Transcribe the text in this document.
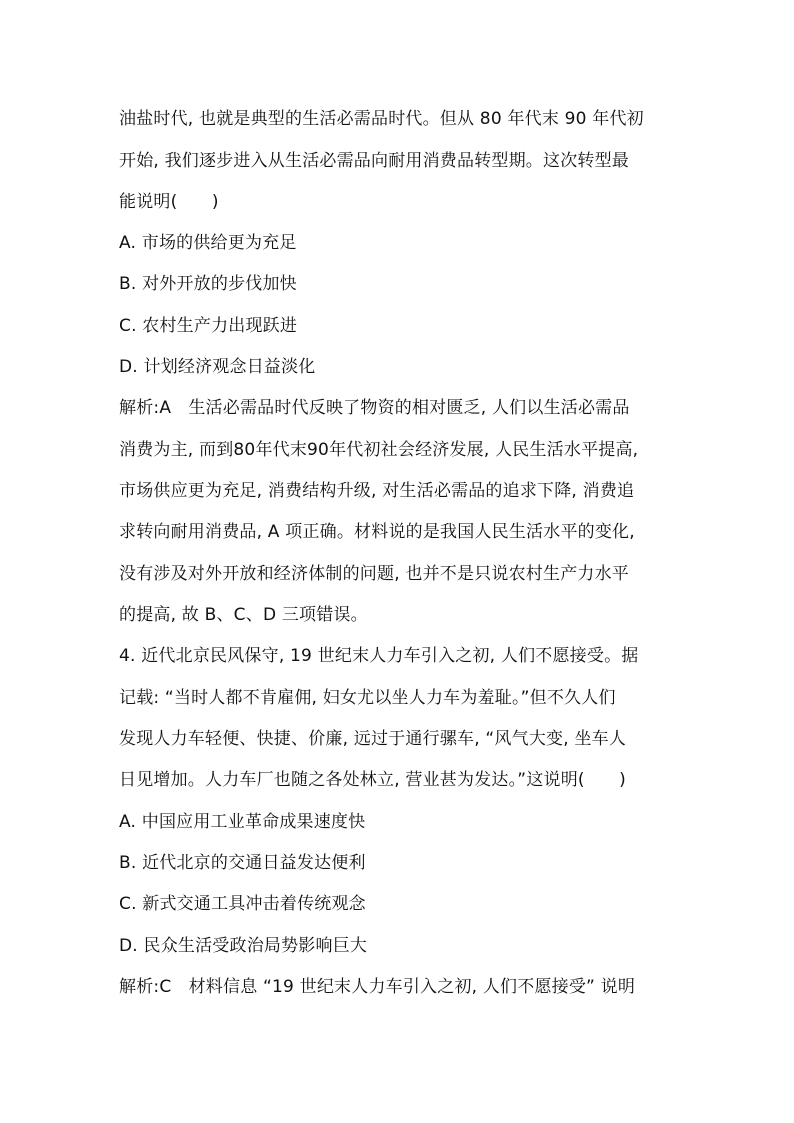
油盐时代, 也就是典型的生活必需品时代。但从 80 年代末 90 年代初
开始, 我们逐步进入从生活必需品向耐用消费品转型期。这次转型最
能说明(　　)
A. 市场的供给更为充足
B. 对外开放的步伐加快
C. 农村生产力出现跃进
D. 计划经济观念日益淡化
解析:A　生活必需品时代反映了物资的相对匮乏, 人们以生活必需品
消费为主, 而到80年代末90年代初社会经济发展, 人民生活水平提高,
市场供应更为充足, 消费结构升级, 对生活必需品的追求下降, 消费追
求转向耐用消费品, A 项正确。材料说的是我国人民生活水平的变化,
没有涉及对外开放和经济体制的问题, 也并不是只说农村生产力水平
的提高, 故 B、C、D 三项错误。
4. 近代北京民风保守, 19 世纪末人力车引入之初, 人们不愿接受。据
记载: “当时人都不肯雇佣, 妇女尤以坐人力车为羞耻。”但不久人们
发现人力车轻便、快捷、价廉, 远过于通行骡车, “风气大变, 坐车人
日见增加。人力车厂也随之各处林立, 营业甚为发达。”这说明(　　)
A. 中国应用工业革命成果速度快
B. 近代北京的交通日益发达便利
C. 新式交通工具冲击着传统观念
D. 民众生活受政治局势影响巨大
解析:C　材料信息 “19 世纪末人力车引入之初, 人们不愿接受” 说明
